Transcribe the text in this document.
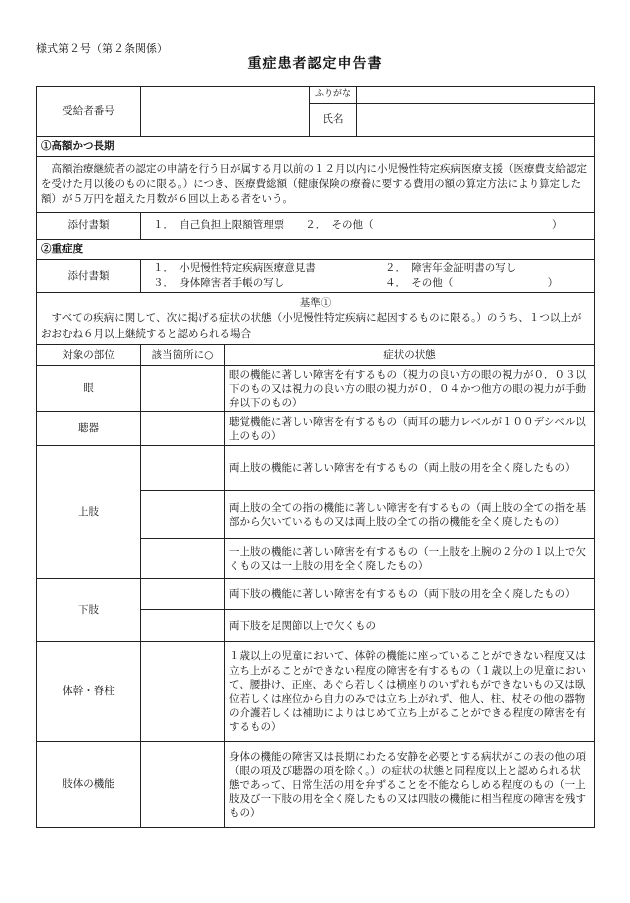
様式第２号（第２条関係）
重症患者認定申告書
受給者番号			ふりがな	
			氏名	
①高額かつ長期				
高額治療継続者の認定の申請を行う日が属する月以前の１２月以内に小児慢性特定疾病医療支援（医療費支給認定を受けた月以後のものに限る。）につき、医療費総額（健康保険の療養に要する費用の額の算定方法により算定した額）が５万円を超えた月数が６回以上ある者をいう。				
添付書類	１．　自己負担上限額管理票　　２．　その他（　　　　　　　　　　　　　　　　　）			
②重症度				
添付書類	１．　小児慢性特定疾病医療意見書 ２．　障害年金証明書の写し
３．　身体障害者手帳の写し ４．　その他（　　　　　　　　　）			

基準①
すべての疾病に関して、次に掲げる症状の状態（小児慢性特定疾病に起因するものに限る。）のうち、１つ以上がおおむね６月以上継続すると認められる場合				

対象の部位	該当箇所に○	症状の状態		
眼		眼の機能に著しい障害を有するもの（視力の良い方の眼の視力が０．０３以下のもの又は視力の良い方の眼の視力が０．０４かつ他方の眼の視力が手動弁以下のもの）		
聴器		聴覚機能に著しい障害を有するもの（両耳の聴力レベルが１００デシベル以上のもの）		
上肢		両上肢の機能に著しい障害を有するもの（両上肢の用を全く廃したもの）		
		両上肢の全ての指の機能に著しい障害を有するもの（両上肢の全ての指を基部から欠いているもの又は両上肢の全ての指の機能を全く廃したもの）		
		一上肢の機能に著しい障害を有するもの（一上肢を上腕の２分の１以上で欠くもの又は一上肢の用を全く廃したもの）		
下肢		両下肢の機能に著しい障害を有するもの（両下肢の用を全く廃したもの）		
		両下肢を足関節以上で欠くもの		
体幹・脊柱		１歳以上の児童において、体幹の機能に座っていることができない程度又は立ち上がることができない程度の障害を有するもの（１歳以上の児童において、腰掛け、正座、あぐら若しくは横座りのいずれもができないもの又は臥位若しくは座位から自力のみでは立ち上がれず、他人、柱、杖その他の器物の介護若しくは補助によりはじめて立ち上がることができる程度の障害を有するもの）		
肢体の機能		身体の機能の障害又は長期にわたる安静を必要とする病状がこの表の他の項（眼の項及び聴器の項を除く。）の症状の状態と同程度以上と認められる状態であって、日常生活の用を弁ずることを不能ならしめる程度のもの（一上肢及び一下肢の用を全く廃したもの又は四肢の機能に相当程度の障害を残すもの）		
